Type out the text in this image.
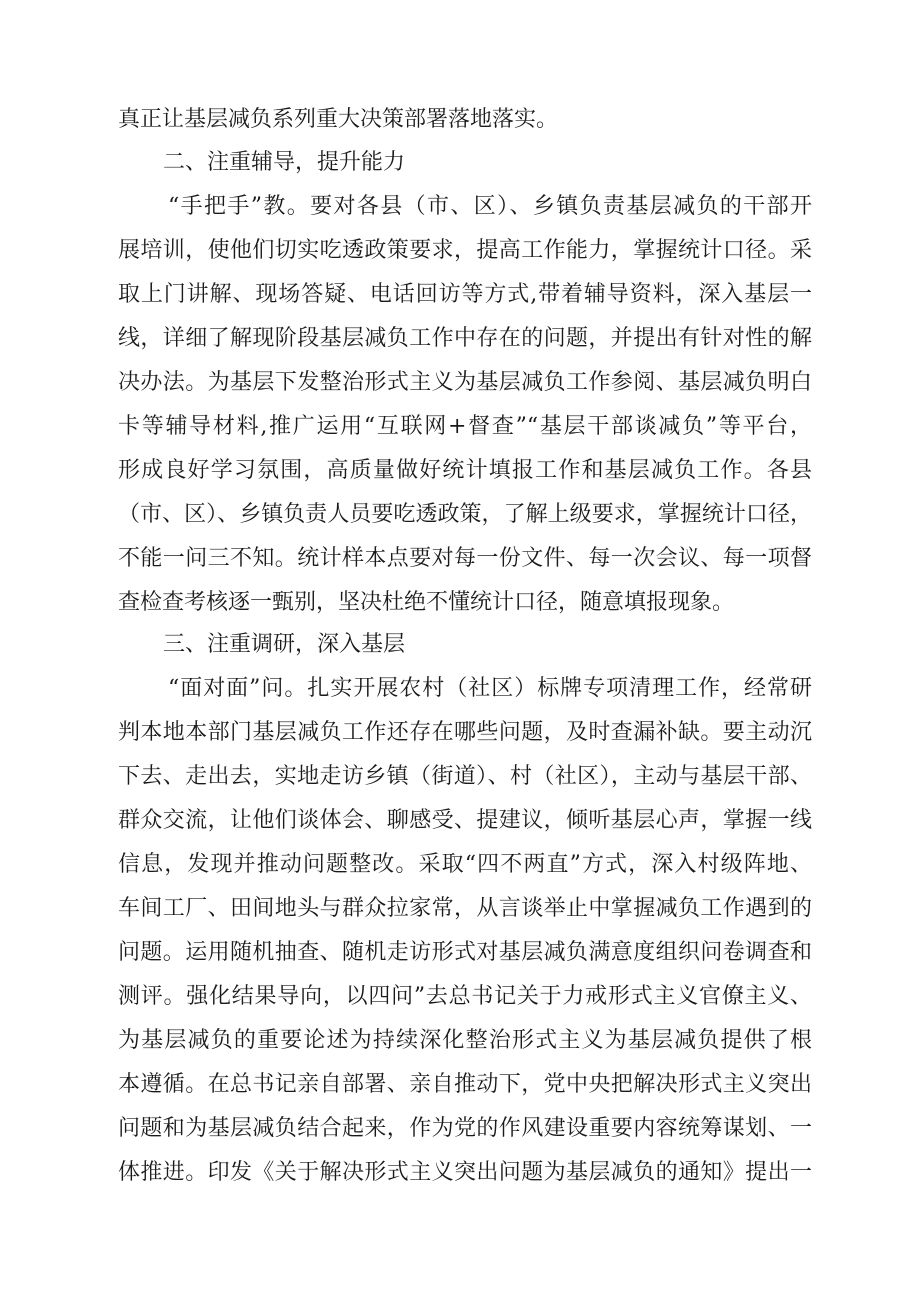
真正让基层减负系列重大决策部署落地落实。
二、注重辅导，提升能力
“手把手”教。要对各县（市、区）、乡镇负责基层减负的干部开
展培训，使他们切实吃透政策要求，提高工作能力，掌握统计口径。采
取上门讲解、现场答疑、电话回访等方式,带着辅导资料，深入基层一
线，详细了解现阶段基层减负工作中存在的问题，并提出有针对性的解
决办法。为基层下发整治形式主义为基层减负工作参阅、基层减负明白
卡等辅导材料,推广运用“互联网+督查”“基层干部谈减负”等平台，
形成良好学习氛围，高质量做好统计填报工作和基层减负工作。各县
（市、区）、乡镇负责人员要吃透政策，了解上级要求，掌握统计口径，
不能一问三不知。统计样本点要对每一份文件、每一次会议、每一项督
查检查考核逐一甄别，坚决杜绝不懂统计口径，随意填报现象。
三、注重调研，深入基层
“面对面”问。扎实开展农村（社区）标牌专项清理工作，经常研
判本地本部门基层减负工作还存在哪些问题，及时查漏补缺。要主动沉
下去、走出去，实地走访乡镇（街道）、村（社区），主动与基层干部、
群众交流，让他们谈体会、聊感受、提建议，倾听基层心声，掌握一线
信息，发现并推动问题整改。采取“四不两直”方式，深入村级阵地、
车间工厂、田间地头与群众拉家常，从言谈举止中掌握减负工作遇到的
问题。运用随机抽查、随机走访形式对基层减负满意度组织问卷调查和
测评。强化结果导向，以四问”去总书记关于力戒形式主义官僚主义、
为基层减负的重要论述为持续深化整治形式主义为基层减负提供了根
本遵循。在总书记亲自部署、亲自推动下，党中央把解决形式主义突出
问题和为基层减负结合起来，作为党的作风建设重要内容统筹谋划、一
体推进。印发《关于解决形式主义突出问题为基层减负的通知》提出一
